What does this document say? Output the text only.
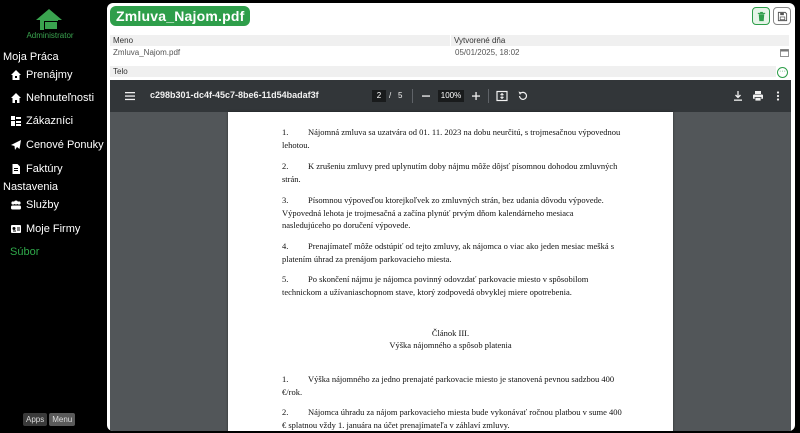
Administrator
Moja Práca
Prenájmy
Nehnuteľnosti
Zákazníci
Cenové Ponuky
Faktúry
Nastavenia
Služby
Moje Firmy
Súbor
Apps	Menu
Zmluva_Najom.pdf
Meno
Zmluva_Najom.pdf
Vytvorené dňa
05/01/2025, 18:02
Telo	···
c298b301-dc4f-45c7-8be6-11d54badaf3f	2 / 5	100%
1. Nájomná zmluva sa uzatvára od 01. 11. 2023 na dobu neurčitú, s trojmesačnou výpovednou lehotou.
2. K zrušeniu zmluvy pred uplynutím doby nájmu môže dôjsť písomnou dohodou zmluvných strán.
3. Písomnou výpoveďou ktorejkoľvek zo zmluvných strán, bez udania dôvodu výpovede. Výpovedná lehota je trojmesačná a začína plynúť prvým dňom kalendárneho mesiaca nasledujúceho po doručení výpovede.
4. Prenajímateľ môže odstúpiť od tejto zmluvy, ak nájomca o viac ako jeden mesiac mešká s platením úhrad za prenájom parkovacieho miesta.
5. Po skončení nájmu je nájomca povinný odovzdať parkovacie miesto v spôsobilom technickom a užívaniaschopnom stave, ktorý zodpovedá obvyklej miere opotrebenia.
Článok III.
Výška nájomného a spôsob platenia
1. Výška nájomného za jedno prenajaté parkovacie miesto je stanovená pevnou sadzbou 400 €/rok.
2. Nájomca úhradu za nájom parkovacieho miesta bude vykonávať ročnou platbou v sume 400 € splatnou vždy 1. januára na účet prenajímateľa v záhlaví zmluvy.
